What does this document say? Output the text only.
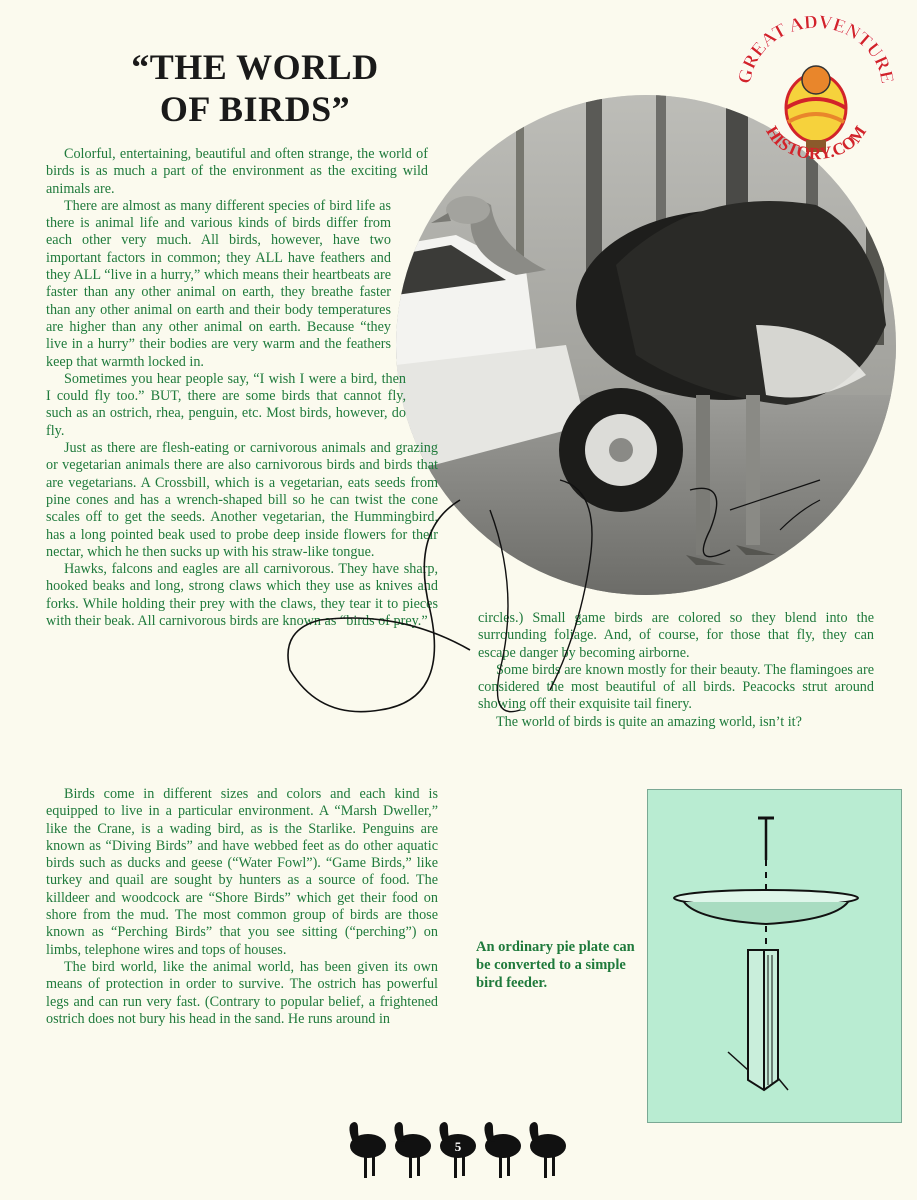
“THE WORLD
OF BIRDS”
GREAT ADVENTURE
HISTORY.COM

Colorful, entertaining, beautiful and often strange, the world of birds is as much a part of the environment as the exciting wild animals are.

There are almost as many different species of bird life as there is animal life and various kinds of birds differ from each other very much. All birds, however, have two important factors in common; they ALL have feathers and they ALL “live in a hurry,” which means their heartbeats are faster than any other animal on earth, they breathe faster than any other animal on earth and their body temperatures are higher than any other animal on earth. Because “they live in a hurry” their bodies are very warm and the feathers keep that warmth locked in.

Sometimes you hear people say, “I wish I were a bird, then I could fly too.” BUT, there are some birds that cannot fly, such as an ostrich, rhea, penguin, etc. Most birds, however, do fly.

Just as there are flesh-eating or carnivorous animals and grazing or vegetarian animals there are also carnivorous birds and birds that are vegetarians. A Crossbill, which is a vegetarian, eats seeds from pine cones and has a wrench-shaped bill so he can twist the cone scales off to get the seeds. Another vegetarian, the Hummingbird, has a long pointed beak used to probe deep inside flowers for their nectar, which he then sucks up with his straw-like tongue.

Hawks, falcons and eagles are all carnivorous. They have sharp, hooked beaks and long, strong claws which they use as knives and forks. While holding their prey with the claws, they tear it to pieces with their beak. All carnivorous birds are known as “birds of prey.”

Birds come in different sizes and colors and each kind is equipped to live in a particular environment. A “Marsh Dweller,” like the Crane, is a wading bird, as is the Starlike. Penguins are known as “Diving Birds” and have webbed feet as do other aquatic birds such as ducks and geese (“Water Fowl”). “Game Birds,” like turkey and quail are sought by hunters as a source of food. The killdeer and woodcock are “Shore Birds” which get their food on shore from the mud. The most common group of birds are those known as “Perching Birds” that you see sitting (“perching”) on limbs, telephone wires and tops of houses.

The bird world, like the animal world, has been given its own means of protection in order to survive. The ostrich has powerful legs and can run very fast. (Contrary to popular belief, a frightened ostrich does not bury his head in the sand. He runs around in

circles.) Small game birds are colored so they blend into the surrounding foliage. And, of course, for those that fly, they can escape danger by becoming airborne.

Some birds are known mostly for their beauty. The flamingoes are considered the most beautiful of all birds. Peacocks strut around showing off their exquisite tail finery.

The world of birds is quite an amazing world, isn’t it?

An ordinary pie plate can be converted to a simple bird feeder.
5
